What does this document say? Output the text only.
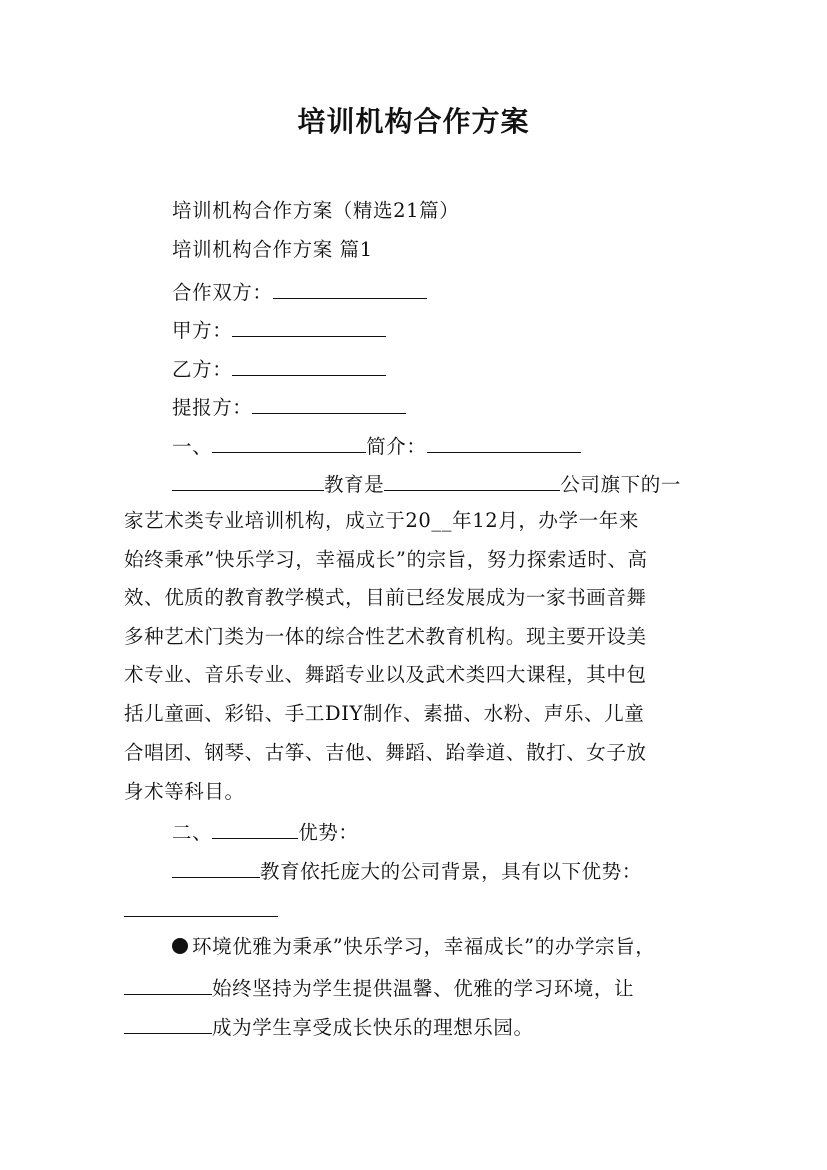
培训机构合作方案
培训机构合作方案（精选21篇）
培训机构合作方案 篇1
合作双方：
甲方：
乙方：
提报方：
一、	简介：
教育是	公司旗下的一
家艺术类专业培训机构，成立于20__年12月，办学一年来
始终秉承”快乐学习，幸福成长”的宗旨，努力探索适时、高
效、优质的教育教学模式，目前已经发展成为一家书画音舞
多种艺术门类为一体的综合性艺术教育机构。现主要开设美
术专业、音乐专业、舞蹈专业以及武术类四大课程，其中包
括儿童画、彩铅、手工DIY制作、素描、水粉、声乐、儿童
合唱团、钢琴、古筝、吉他、舞蹈、跆拳道、散打、女子放
身术等科目。
二、	优势：
教育依托庞大的公司背景，具有以下优势：
环境优雅为秉承”快乐学习，幸福成长”的办学宗旨，
始终坚持为学生提供温馨、优雅的学习环境，让
成为学生享受成长快乐的理想乐园。
